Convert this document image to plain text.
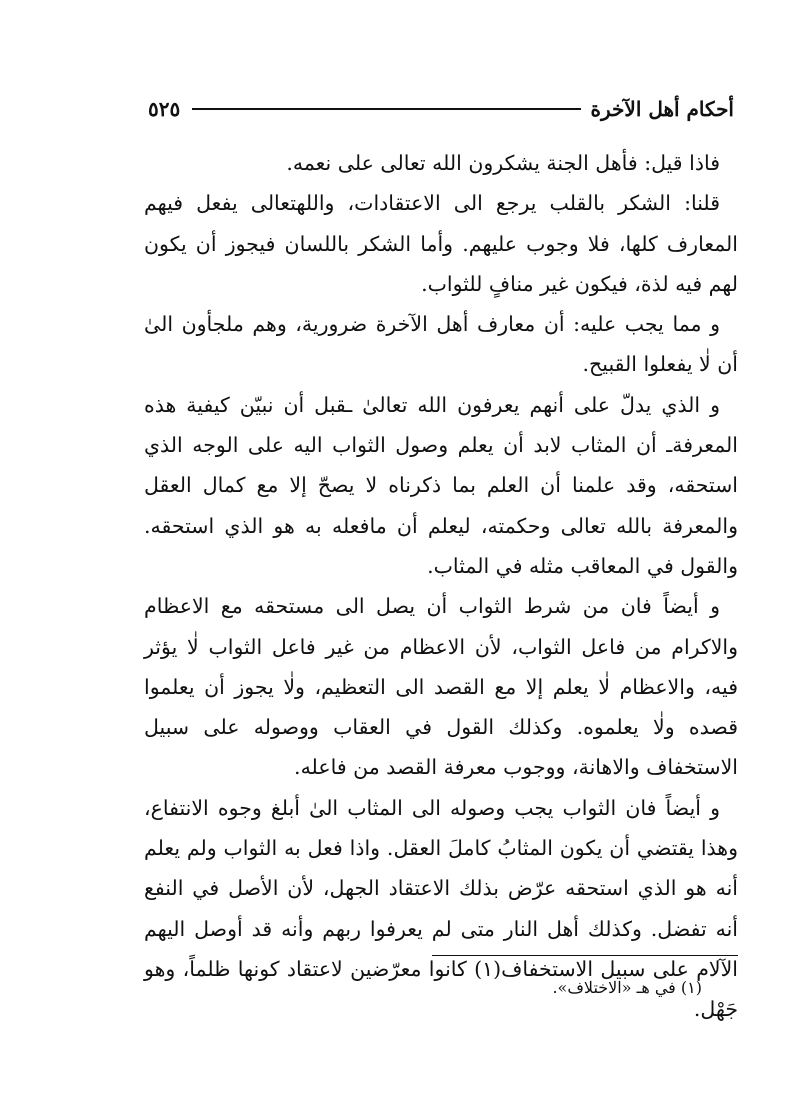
أحكام أهل الآخرة
٥٢٥

فاذا قيل: فأهل الجنة يشكرون الله تعالى على نعمه.

قلنا: الشكر بالقلب يرجع الى الاعتقادات، واللهتعالى يفعل فيهم المعارف كلها، فلا وجوب عليهم. وأما الشكر باللسان فيجوز أن يكون لهم فيه لذة، فيكون غير منافٍ للثواب.

و مما يجب عليه: أن معارف أهل الآخرة ضرورية، وهم ملجأون الىٰ أن لٰا يفعلوا القبيح.

و الذي يدلّ على أنهم يعرفون الله تعالىٰ ـقبل أن نبيّن كيفية هذه المعرفةـ أن المثاب لابد أن يعلم وصول الثواب اليه على الوجه الذي استحقه، وقد علمنا أن العلم بما ذكرناه لا يصحّ إلا مع كمال العقل والمعرفة بالله تعالى وحكمته، ليعلم أن مافعله به هو الذي استحقه. والقول في المعاقب مثله في المثاب.

و أيضاً فان من شرط الثواب أن يصل الى مستحقه مع الاعظام والاكرام من فاعل الثواب، لأن الاعظام من غير فاعل الثواب لٰا يؤثر فيه، والاعظام لٰا يعلم إلا مع القصد الى التعظيم، ولٰا يجوز أن يعلموا قصده ولٰا يعلموه. وكذلك القول في العقاب ووصوله على سبيل الاستخفاف والاهانة، ووجوب معرفة القصد من فاعله.

و أيضاً فان الثواب يجب وصوله الى المثاب الىٰ أبلغ وجوه الانتفاع، وهذا يقتضي أن يكون المثابُ كاملَ العقل. واذا فعل به الثواب ولم يعلم أنه هو الذي استحقه عرّض بذلك الاعتقاد الجهل، لأن الأصل في النفع أنه تفضل. وكذلك أهل النار متى لم يعرفوا ربهم وأنه قد أوصل اليهم الآلام على سبيل الاستخفاف(١) كانوا معرّضين لاعتقاد كونها ظلماً، وهو جَهْل.

(١) في هـ «الاختلاف».
